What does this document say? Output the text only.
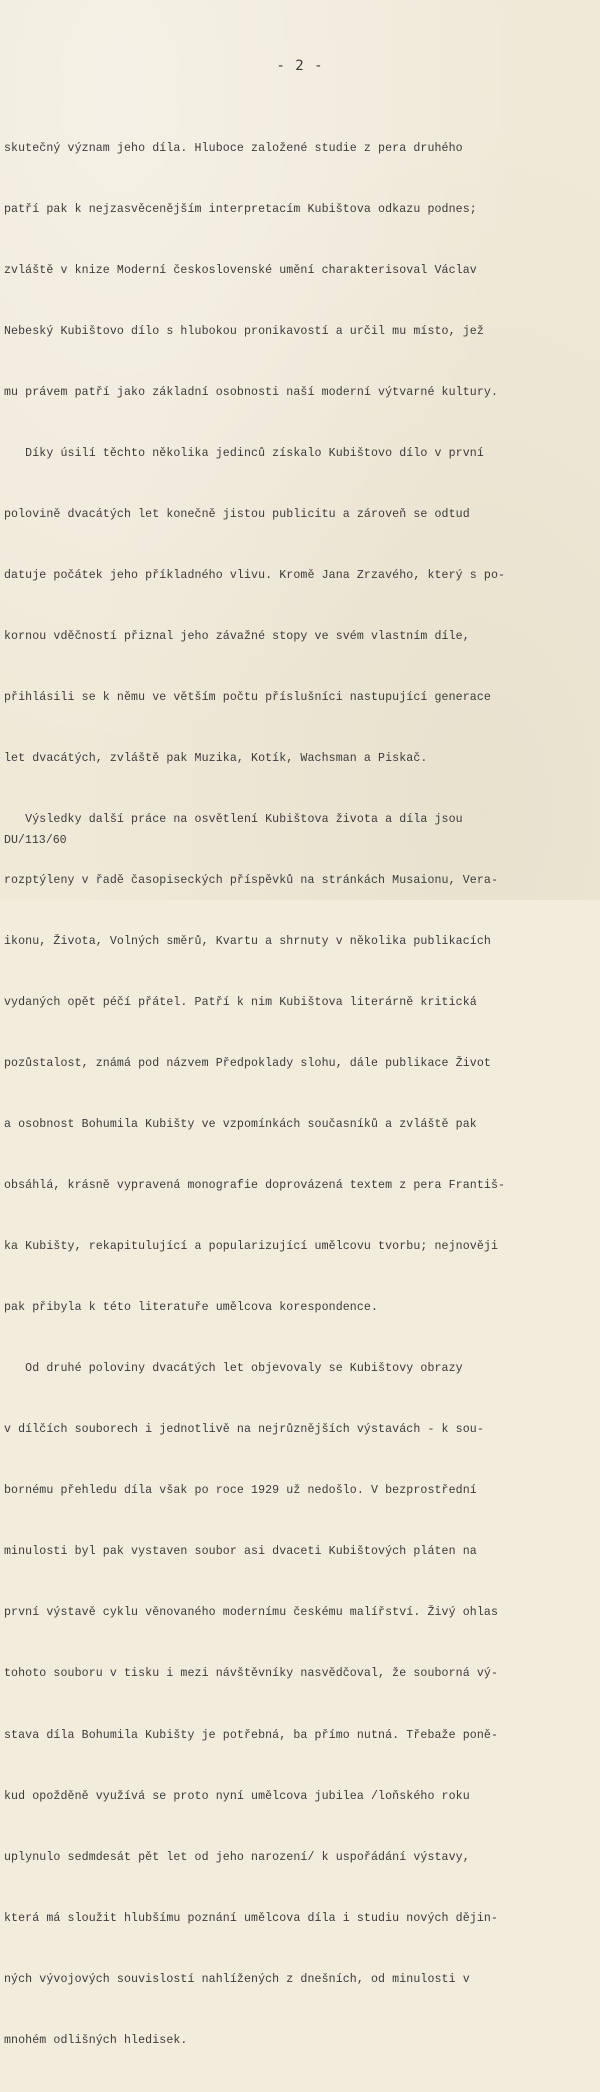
- 2 -

skutečný význam jeho díla. Hluboce založené studie z pera druhého

patří pak k nejzasvěcenějším interpretacím Kubištova odkazu podnes;

zvláště v knize Moderní československé umění charakterisoval Václav

Nebeský Kubištovo dílo s hlubokou pronikavostí a určil mu místo, jež

mu právem patří jako základní osobnosti naší moderní výtvarné kultury.

Díky úsilí těchto několika jedinců získalo Kubištovo dílo v první

polovině dvacátých let konečně jistou publicitu a zároveň se odtud

datuje počátek jeho příkladného vlivu. Kromě Jana Zrzavého, který s po-

kornou vděčností přiznal jeho závažné stopy ve svém vlastním díle,

přihlásili se k němu ve větším počtu příslušníci nastupující generace

let dvacátých, zvláště pak Muzika, Kotík, Wachsman a Piskač.

Výsledky další práce na osvětlení Kubištova života a díla jsou

rozptýleny v řadě časopiseckých příspěvků na stránkách Musaionu, Vera-

ikonu, Života, Volných směrů, Kvartu a shrnuty v několika publikacích

vydaných opět péčí přátel. Patří k nim Kubištova literárně kritická

pozůstalost, známá pod názvem Předpoklady slohu, dále publikace Život

a osobnost Bohumila Kubišty ve vzpomínkách současníků a zvláště pak

obsáhlá, krásně vypravená monografie doprovázená textem z pera Františ-

ka Kubišty, rekapitulující a popularizující umělcovu tvorbu; nejnověji

pak přibyla k této literatuře umělcova korespondence.

Od druhé poloviny dvacátých let objevovaly se Kubištovy obrazy

v dílčích souborech i jednotlivě na nejrůznějších výstavách - k sou-

bornému přehledu díla však po roce 1929 už nedošlo. V bezprostřední

minulosti byl pak vystaven soubor asi dvaceti Kubištových pláten na

první výstavě cyklu věnovaného modernímu českému malířství. Živý ohlas

tohoto souboru v tisku i mezi návštěvníky nasvědčoval, že souborná vý-

stava díla Bohumila Kubišty je potřebná, ba přímo nutná. Třebaže poně-

kud opožděně využívá se proto nyní umělcova jubilea /loňského roku

uplynulo sedmdesát pět let od jeho narození/ k uspořádání výstavy,

která má sloužit hlubšímu poznání umělcova díla i studiu nových dějin-

ných vývojových souvislostí nahlížených z dnešních, od minulosti v

mnohém odlišných hledisek.

DU/113/60
